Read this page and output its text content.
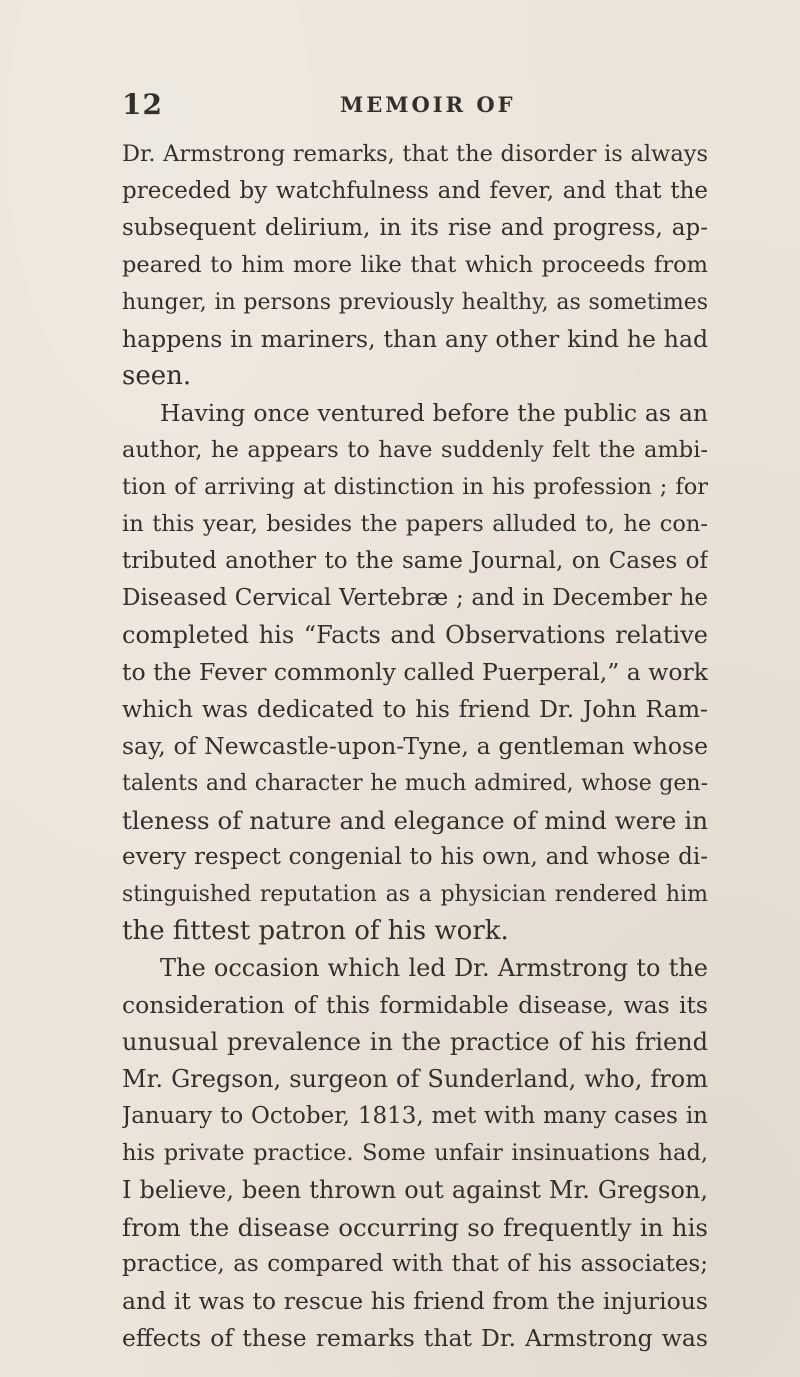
12	MEMOIR OF
Dr. Armstrong remarks, that the disorder is always
preceded by watchfulness and fever, and that the
subsequent delirium, in its rise and progress, ap-
peared to him more like that which proceeds from
hunger, in persons previously healthy, as sometimes
happens in mariners, than any other kind he had
seen.
Having once ventured before the public as an
author, he appears to have suddenly felt the ambi-
tion of arriving at distinction in his profession ; for
in this year, besides the papers alluded to, he con-
tributed another to the same Journal, on Cases of
Diseased Cervical Vertebræ ; and in December he
completed his “Facts and Observations relative
to the Fever commonly called Puerperal,” a work
which was dedicated to his friend Dr. John Ram-
say, of Newcastle-upon-Tyne, a gentleman whose
talents and character he much admired, whose gen-
tleness of nature and elegance of mind were in
every respect congenial to his own, and whose di-
stinguished reputation as a physician rendered him
the fittest patron of his work.
The occasion which led Dr. Armstrong to the
consideration of this formidable disease, was its
unusual prevalence in the practice of his friend
Mr. Gregson, surgeon of Sunderland, who, from
January to October, 1813, met with many cases in
his private practice. Some unfair insinuations had,
I believe, been thrown out against Mr. Gregson,
from the disease occurring so frequently in his
practice, as compared with that of his associates;
and it was to rescue his friend from the injurious
effects of these remarks that Dr. Armstrong was
